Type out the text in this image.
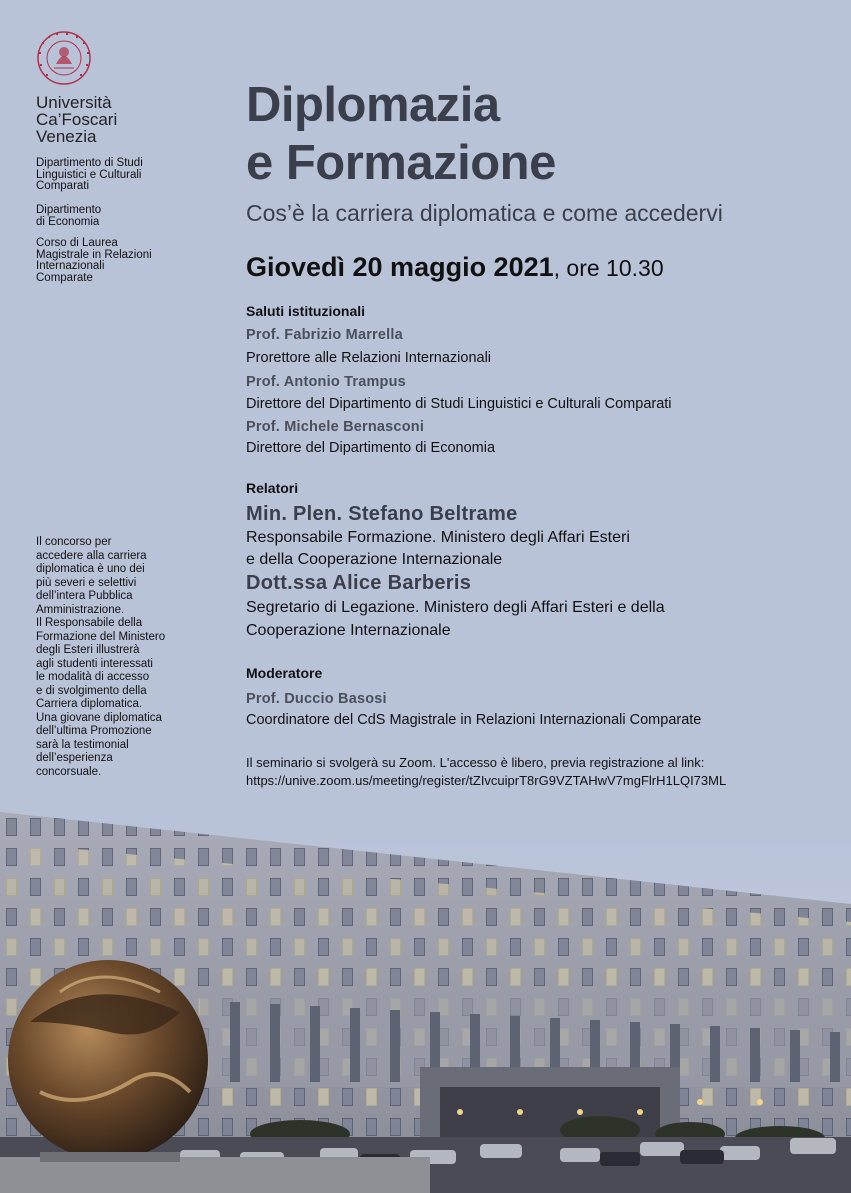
Università
Ca’Foscari
Venezia
Dipartimento di Studi
Linguistici e Culturali
Comparati
Dipartimento
di Economia
Corso di Laurea
Magistrale in Relazioni
Internazionali
Comparate
Il concorso per
accedere alla carriera
diplomatica è uno dei
più severi e selettivi
dell’intera Pubblica
Amministrazione.
Il Responsabile della
Formazione del Ministero
degli Esteri illustrerà
agli studenti interessati
le modalità di accesso
e di svolgimento della
Carriera diplomatica.
Una giovane diplomatica
dell’ultima Promozione
sarà la testimonial
dell’esperienza
concorsuale.
Diplomazia
e Formazione
Cos’è la carriera diplomatica e come accedervi
Giovedì 20 maggio 2021, ore 10.30
Saluti istituzionali
Prof. Fabrizio Marrella
Prorettore alle Relazioni Internazionali
Prof. Antonio Trampus
Direttore del Dipartimento di Studi Linguistici e Culturali Comparati
Prof. Michele Bernasconi
Direttore del Dipartimento di Economia
Relatori
Min. Plen. Stefano Beltrame
Responsabile Formazione. Ministero degli Affari Esteri
e della Cooperazione Internazionale
Dott.ssa Alice Barberis
Segretario di Legazione. Ministero degli Affari Esteri e della
Cooperazione Internazionale
Moderatore
Prof. Duccio Basosi
Coordinatore del CdS Magistrale in Relazioni Internazionali Comparate
Il seminario si svolgerà su Zoom. L'accesso è libero, previa registrazione al link:
https://unive.zoom.us/meeting/register/tZIvcuiprT8rG9VZTAHwV7mgFlrH1LQI73ML
